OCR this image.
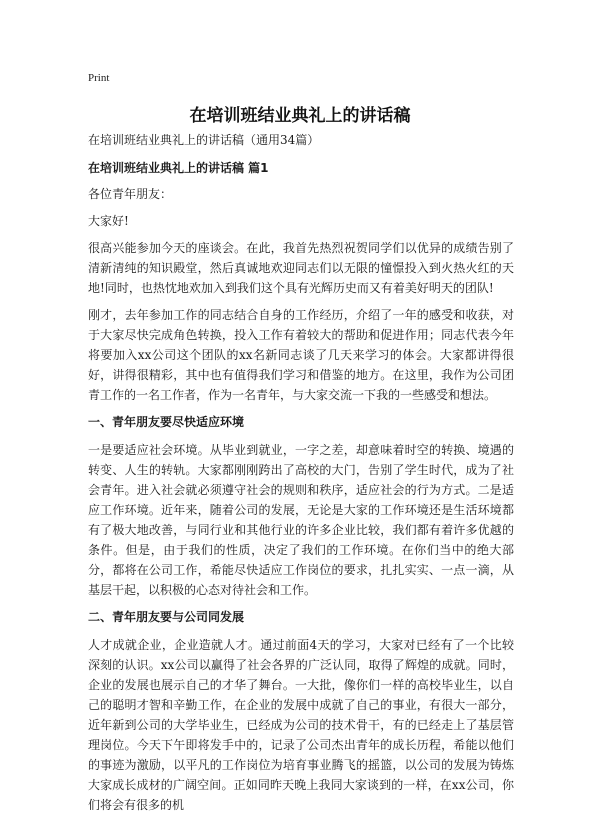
Print
在培训班结业典礼上的讲话稿

在培训班结业典礼上的讲话稿（通用34篇）

在培训班结业典礼上的讲话稿 篇1

各位青年朋友：

大家好!

很高兴能参加今天的座谈会。在此，我首先热烈祝贺同学们以优异的成绩告别了清新清纯的知识殿堂，然后真诚地欢迎同志们以无限的憧憬投入到火热火红的天地!同时，也热忱地欢加入到我们这个具有光辉历史而又有着美好明天的团队!

刚才，去年参加工作的同志结合自身的工作经历，介绍了一年的感受和收获，对于大家尽快完成角色转换，投入工作有着较大的帮助和促进作用；同志代表今年将要加入xx公司这个团队的xx名新同志谈了几天来学习的体会。大家都讲得很好，讲得很精彩，其中也有值得我们学习和借鉴的地方。在这里，我作为公司团青工作的一名工作者，作为一名青年，与大家交流一下我的一些感受和想法。

一、青年朋友要尽快适应环境

一是要适应社会环境。从毕业到就业，一字之差，却意味着时空的转换、境遇的转变、人生的转轨。大家都刚刚跨出了高校的大门，告别了学生时代，成为了社会青年。进入社会就必须遵守社会的规则和秩序，适应社会的行为方式。二是适应工作环境。近年来，随着公司的发展，无论是大家的工作环境还是生活环境都有了极大地改善，与同行业和其他行业的许多企业比较，我们都有着许多优越的条件。但是，由于我们的性质，决定了我们的工作环境。在你们当中的绝大部分，都将在公司工作，希能尽快适应工作岗位的要求，扎扎实实、一点一滴，从基层干起，以积极的心态对待社会和工作。

二、青年朋友要与公司同发展

人才成就企业，企业造就人才。通过前面4天的学习，大家对已经有了一个比较深刻的认识。xx公司以赢得了社会各界的广泛认同，取得了辉煌的成就。同时，企业的发展也展示自己的才华了舞台。一大批，像你们一样的高校毕业生，以自己的聪明才智和辛勤工作，在企业的发展中成就了自己的事业，有很大一部分，近年新到公司的大学毕业生，已经成为公司的技术骨干，有的已经走上了基层管理岗位。今天下午即将发手中的，记录了公司杰出青年的成长历程，希能以他们的事迹为激励，以平凡的工作岗位为培育事业腾飞的摇篮，以公司的发展为铸炼大家成长成材的广阔空间。正如同昨天晚上我同大家谈到的一样，在xx公司，你们将会有很多的机
